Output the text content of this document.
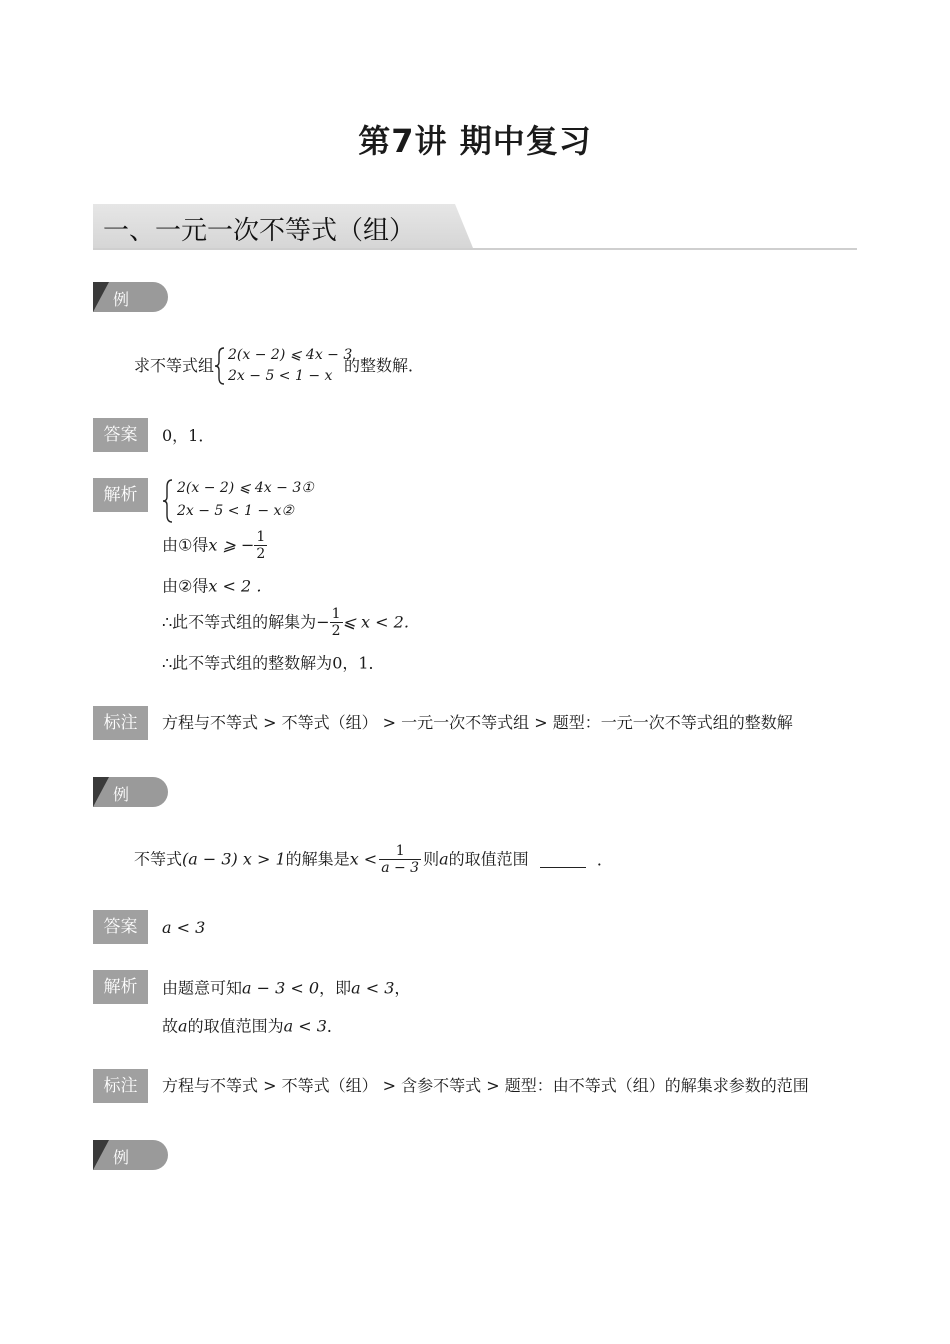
第7讲 期中复习
一、一元一次不等式（组）
例题1
求不等式组
2(x − 2) ⩽ 4x − 3
2x − 5 < 1 − x
的整数解．
答案	0，1．
解析	2(x − 2) ⩽ 4x − 3①
2x − 5 < 1 − x②
由①得x ⩾ − $\frac{1}{2}$
由②得x < 2 ．
∴此不等式组的解集为− $\frac{1}{2}$ ⩽ x < 2．
∴此不等式组的整数解为0，1．
标注	方程与不等式 > 不等式（组） > 一元一次不等式组 > 题型：一元一次不等式组的整数解
例题2
不等式(a − 3) x > 1的解集是$x < \frac{1}{a - 3}$ 则a的取值范围	．
答案	a < 3
解析	由题意可知a − 3 < 0，即a < 3，
故a的取值范围为a < 3．
标注	方程与不等式 > 不等式（组） > 含参不等式 > 题型：由不等式（组）的解集求参数的范围
例题3
